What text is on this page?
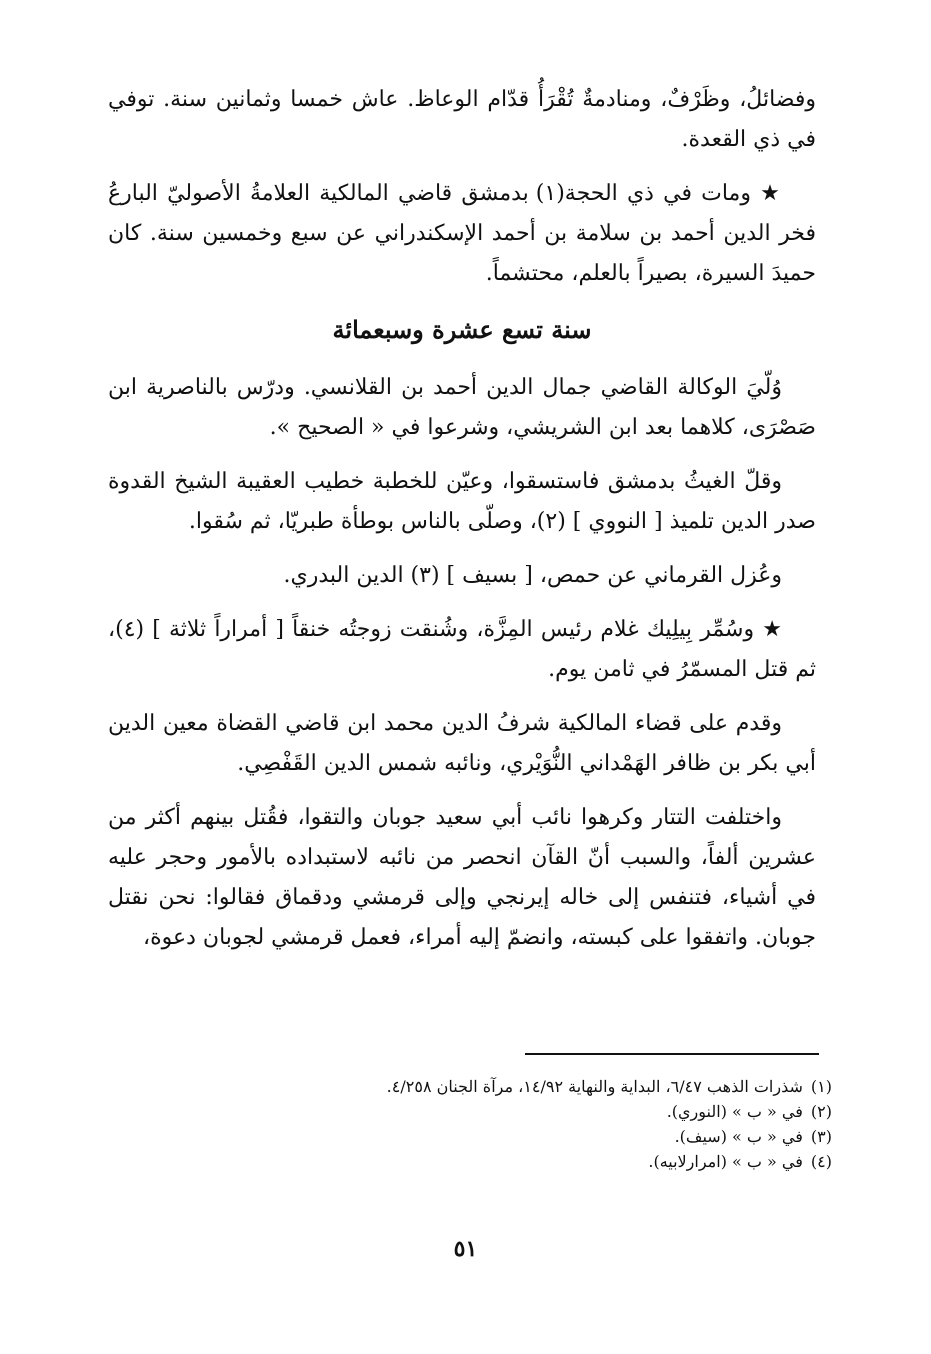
وفضائلُ، وظَرْفٌ، ومنادمةٌ تُقْرَأُ قدّام الوعاظ. عاش خمسا وثمانين سنة. توفي في ذي القعدة.

★ ومات في ذي الحجة(١) بدمشق قاضي المالكية العلامةُ الأصوليّ البارعُ فخر الدين أحمد بن سلامة بن أحمد الإسكندراني عن سبع وخمسين سنة. كان حميدَ السيرة، بصيراً بالعلم، محتشماً.

سنة تسع عشرة وسبعمائة

وُلّيَ الوكالة القاضي جمال الدين أحمد بن القلانسي. ودرّس بالناصرية ابن صَصْرَى، كلاهما بعد ابن الشريشي، وشرعوا في « الصحيح ».

وقلّ الغيثُ بدمشق فاستسقوا، وعيّن للخطبة خطيب العقيبة الشيخ القدوة صدر الدين تلميذ [ النووي ] (٢)، وصلّى بالناس بوطأة طبريّا، ثم سُقوا.

وعُزل القرماني عن حمص، [ بسيف ] (٣) الدين البدري.

★ وسُمِّر بِيلِيك غلام رئيس المِزَّة، وشُنقت زوجتُه خنقاً [ أمراراً ثلاثة ] (٤)، ثم قتل المسمّرُ في ثامن يوم.

وقدم على قضاء المالكية شرفُ الدين محمد ابن قاضي القضاة معين الدين أبي بكر بن ظافر الهَمْداني النُّوَيْري، ونائبه شمس الدين القَفْصِي.

واختلفت التتار وكرهوا نائب أبي سعيد جوبان والتقوا، فقُتل بينهم أكثر من عشرين ألفاً، والسبب أنّ القآن انحصر من نائبه لاستبداده بالأمور وحجر عليه في أشياء، فتنفس إلى خاله إيرنجي وإلى قرمشي ودقماق فقالوا: نحن نقتل جوبان. واتفقوا على كبسته، وانضمّ إليه أمراء، فعمل قرمشي لجوبان دعوة،

(١)شذرات الذهب ٦/٤٧، البداية والنهاية ١٤/٩٢، مرآة الجنان ٤/٢٥٨.
(٢)في « ب » (النوري).
(٣)في « ب » (سيف).
(٤)في « ب » (امرارلابيه).
٥١
